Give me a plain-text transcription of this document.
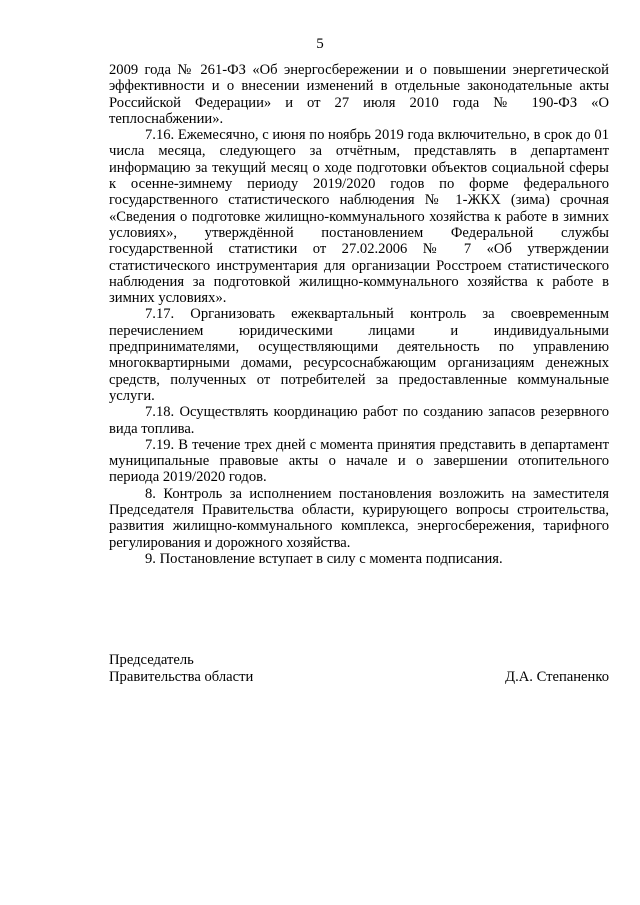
5

2009 года № 261-ФЗ «Об энергосбережении и о повышении энергетической эффективности и о внесении изменений в отдельные законодательные акты Российской Федерации» и от 27 июля 2010 года № 190-ФЗ «О теплоснабжении».

7.16. Ежемесячно, с июня по ноябрь 2019 года включительно, в срок до 01 числа месяца, следующего за отчётным, представлять в департамент информацию за текущий месяц о ходе подготовки объектов социальной сферы к осенне-зимнему периоду 2019/2020 годов по форме федерального государственного статистического наблюдения № 1-ЖКХ (зима) срочная «Сведения о подготовке жилищно-коммунального хозяйства к работе в зимних условиях», утверждённой постановлением Федеральной службы государственной статистики от 27.02.2006 № 7 «Об утверждении статистического инструментария для организации Росстроем статистического наблюдения за подготовкой жилищно-коммунального хозяйства к работе в зимних условиях».

7.17. Организовать ежеквартальный контроль за своевременным перечислением юридическими лицами и индивидуальными предпринимателями, осуществляющими деятельность по управлению многоквартирными домами, ресурсоснабжающим организациям денежных средств, полученных от потребителей за предоставленные коммунальные услуги.

7.18. Осуществлять координацию работ по созданию запасов резервного вида топлива.

7.19. В течение трех дней с момента принятия представить в департамент муниципальные правовые акты о начале и о завершении отопительного периода 2019/2020 годов.

8. Контроль за исполнением постановления возложить на заместителя Председателя Правительства области, курирующего вопросы строительства, развития жилищно-коммунального комплекса, энергосбережения, тарифного регулирования и дорожного хозяйства.

9. Постановление вступает в силу с момента подписания.

Председатель
Правительства области	Д.А. Степаненко
